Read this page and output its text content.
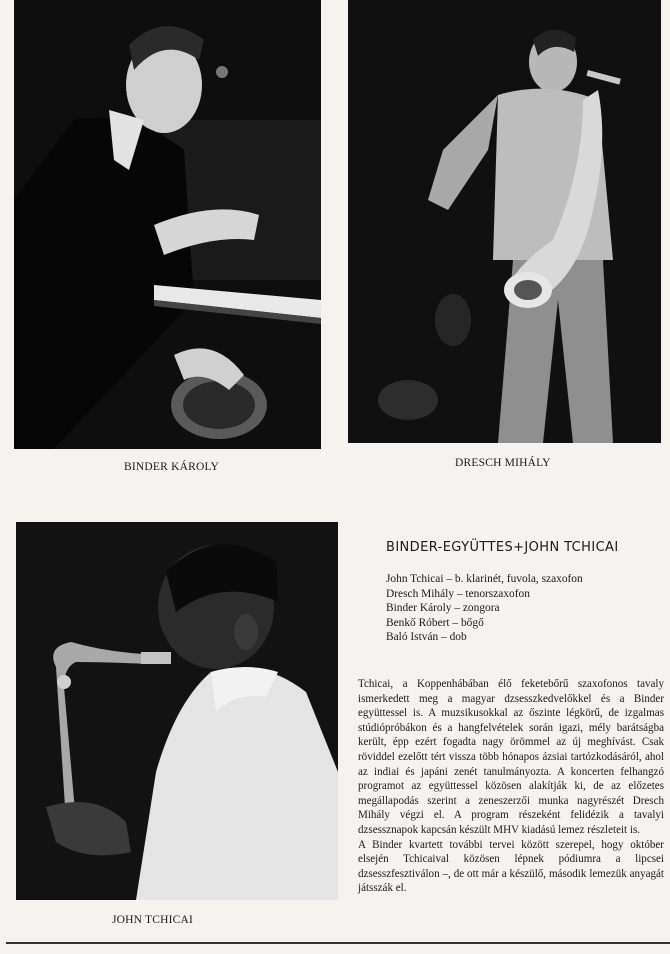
BINDER KÁROLY	DRESCH MIHÁLY
JOHN TCHICAI
BINDER-EGYÜTTES+JOHN TCHICAI
John Tchicai – b. klarinét, fuvola, szaxofon
Dresch Mihály – tenorszaxofon
Binder Károly – zongora
Benkő Róbert – bőgő
Baló István – dob

Tchicai, a Koppenhábában élő feketebőrű szaxofonos tavaly ismerkedett meg a magyar dzsesszkedvelőkkel és a Binder együttessel is. A muzsikusokkal az őszinte légkörű, de izgalmas stúdiópróbákon és a hangfelvételek során igazi, mély barátságba került, épp ezért fogadta nagy örömmel az új meghívást. Csak röviddel ezelőtt tért vissza több hónapos ázsiai tartózkodásáról, ahol az indiai és japáni zenét tanulmányozta. A koncerten felhangzó programot az együttessel közösen alakítják ki, de az előzetes megállapodás szerint a zeneszerzői munka nagyrészét Dresch Mihály végzi el. A program részeként felidézik a tavalyi dzsessznapok kapcsán készült MHV kiadású lemez részleteit is.

A Binder kvartett további tervei között szerepel, hogy október elsején Tchicaival közösen lépnek pódiumra a lipcsei dzsesszfesztiválon –, de ott már a készülő, második lemezük anyagát játsszák el.
